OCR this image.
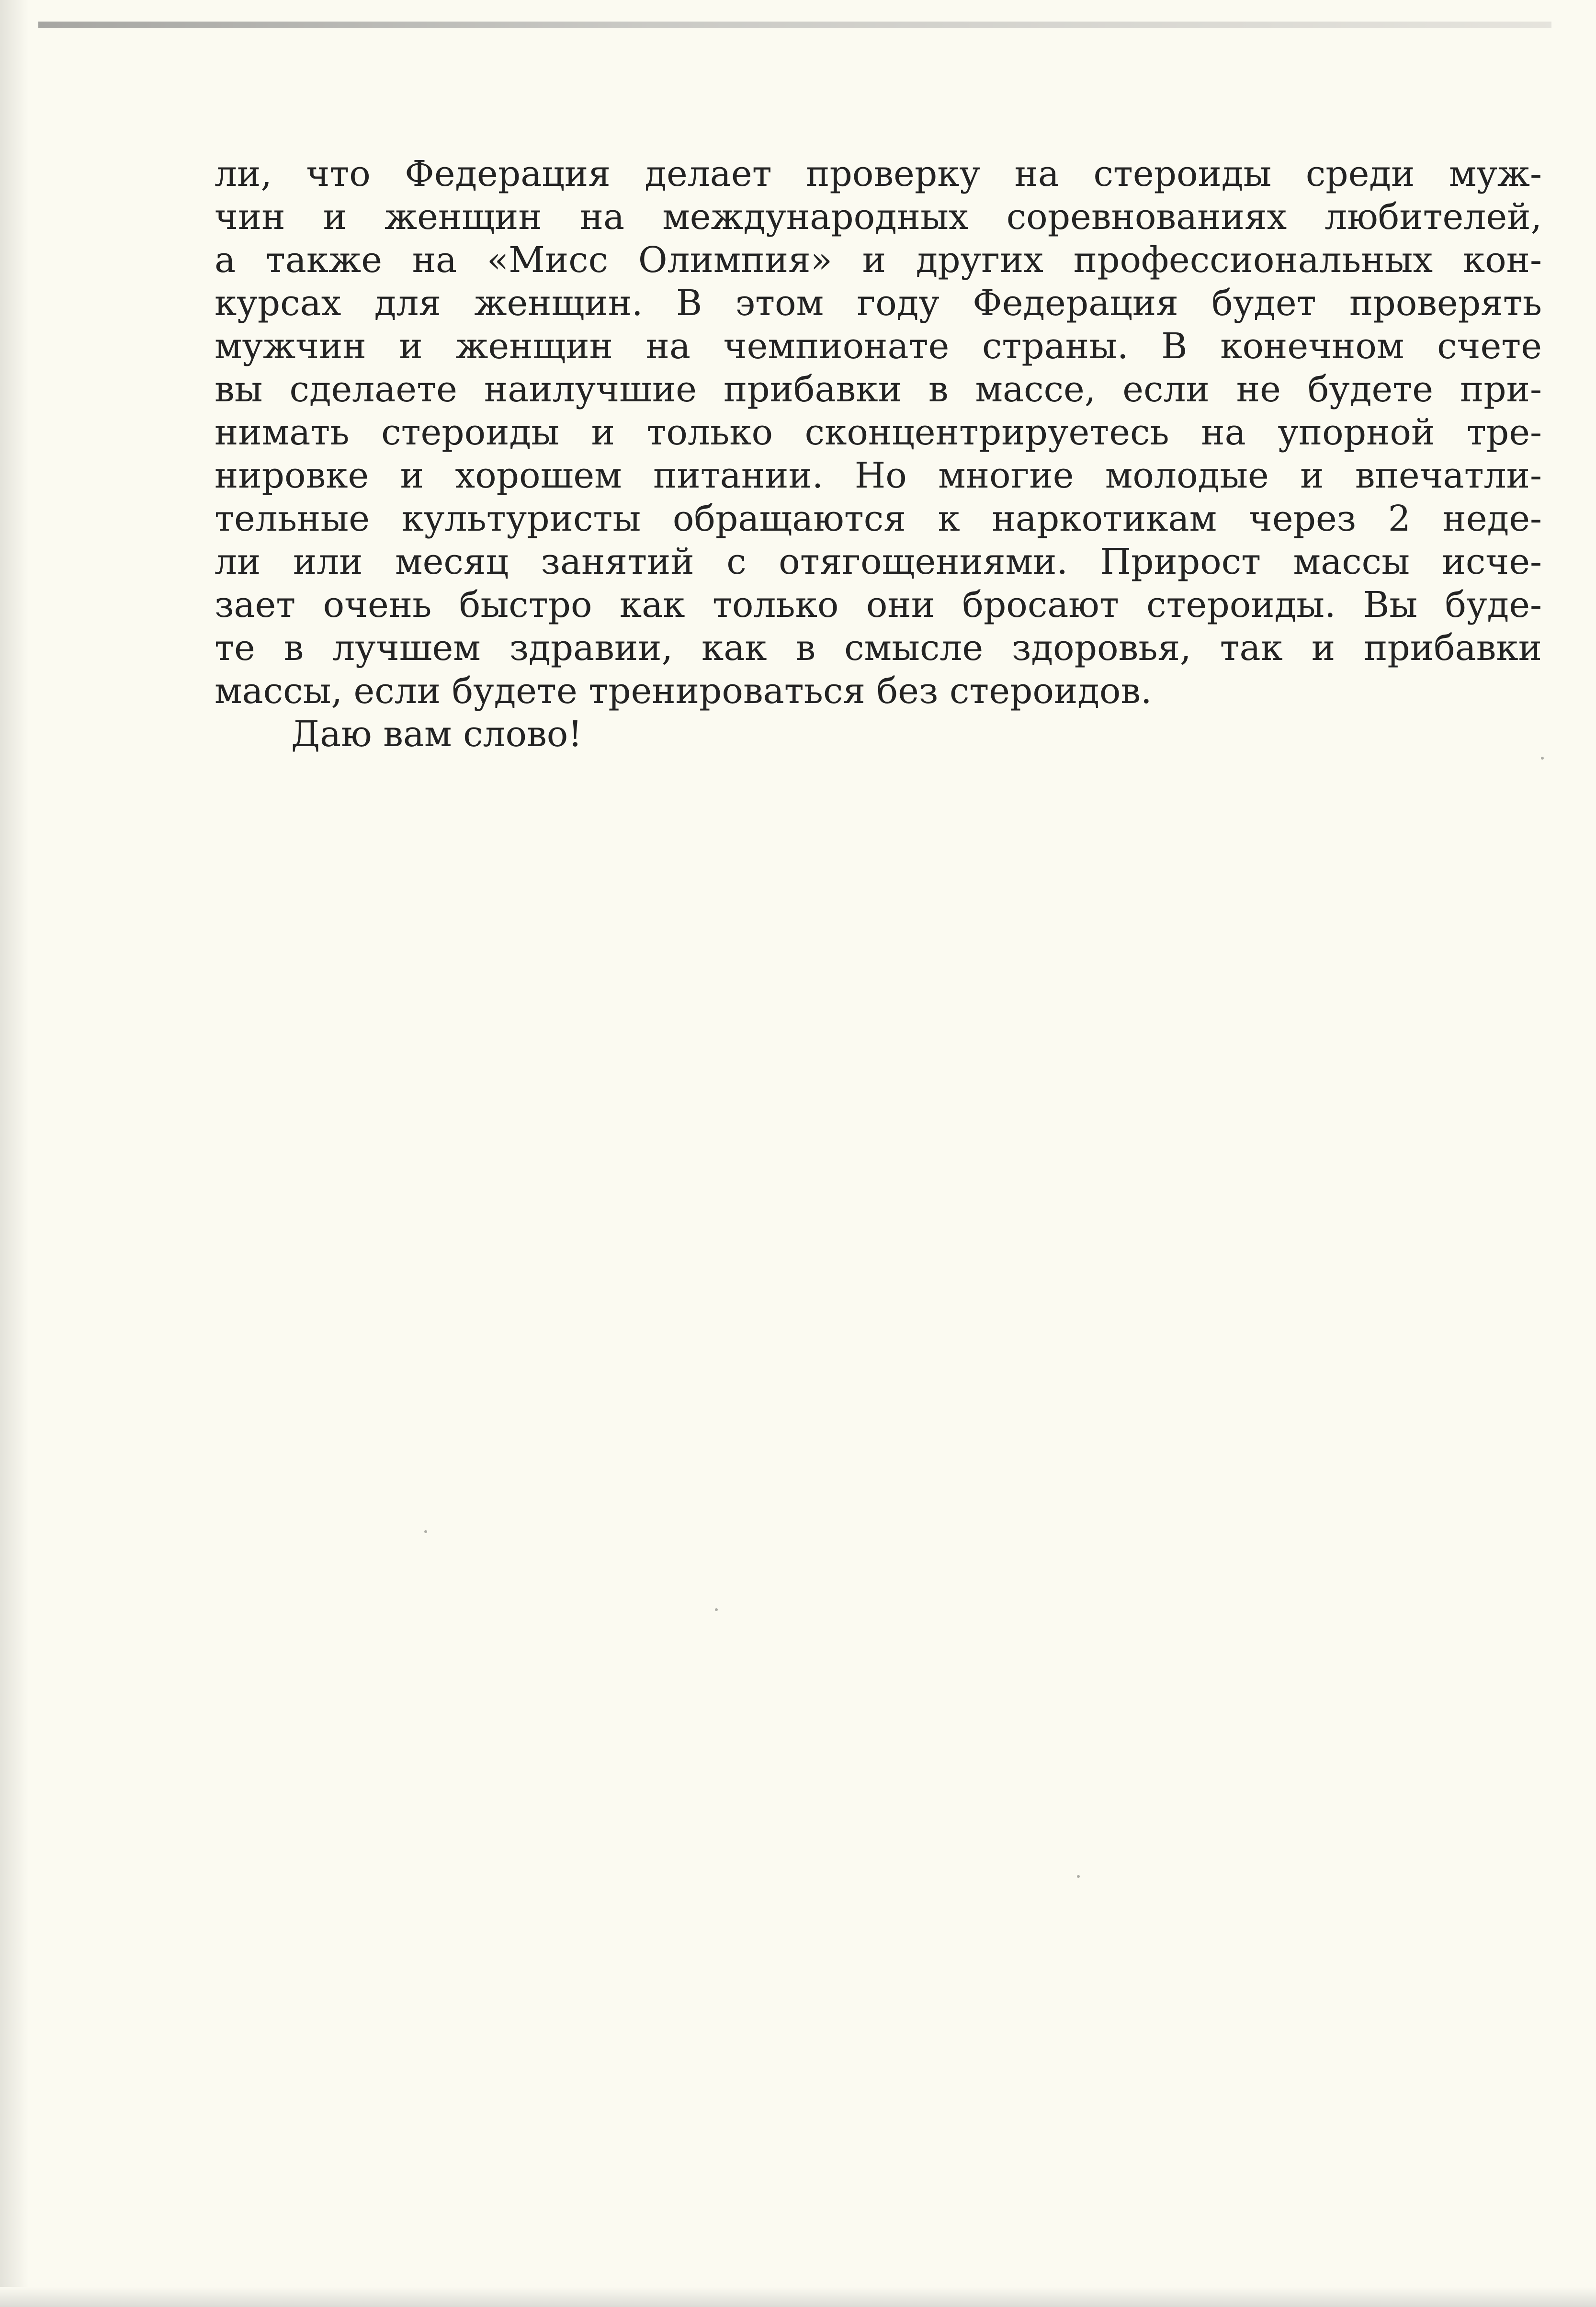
ли, что Федерация делает проверку на стероиды среди муж-
чин и женщин на международных соревнованиях любителей,
а также на «Мисс Олимпия» и других профессиональных кон-
курсах для женщин. В этом году Федерация будет проверять
мужчин и женщин на чемпионате страны. В конечном счете
вы сделаете наилучшие прибавки в массе, если не будете при-
нимать стероиды и только сконцентрируетесь на упорной тре-
нировке и хорошем питании. Но многие молодые и впечатли-
тельные культуристы обращаются к наркотикам через 2 неде-
ли или месяц занятий с отягощениями. Прирост массы исче-
зает очень быстро как только они бросают стероиды. Вы буде-
те в лучшем здравии, как в смысле здоровья, так и прибавки
массы, если будете тренироваться без стероидов.
Даю вам слово!
